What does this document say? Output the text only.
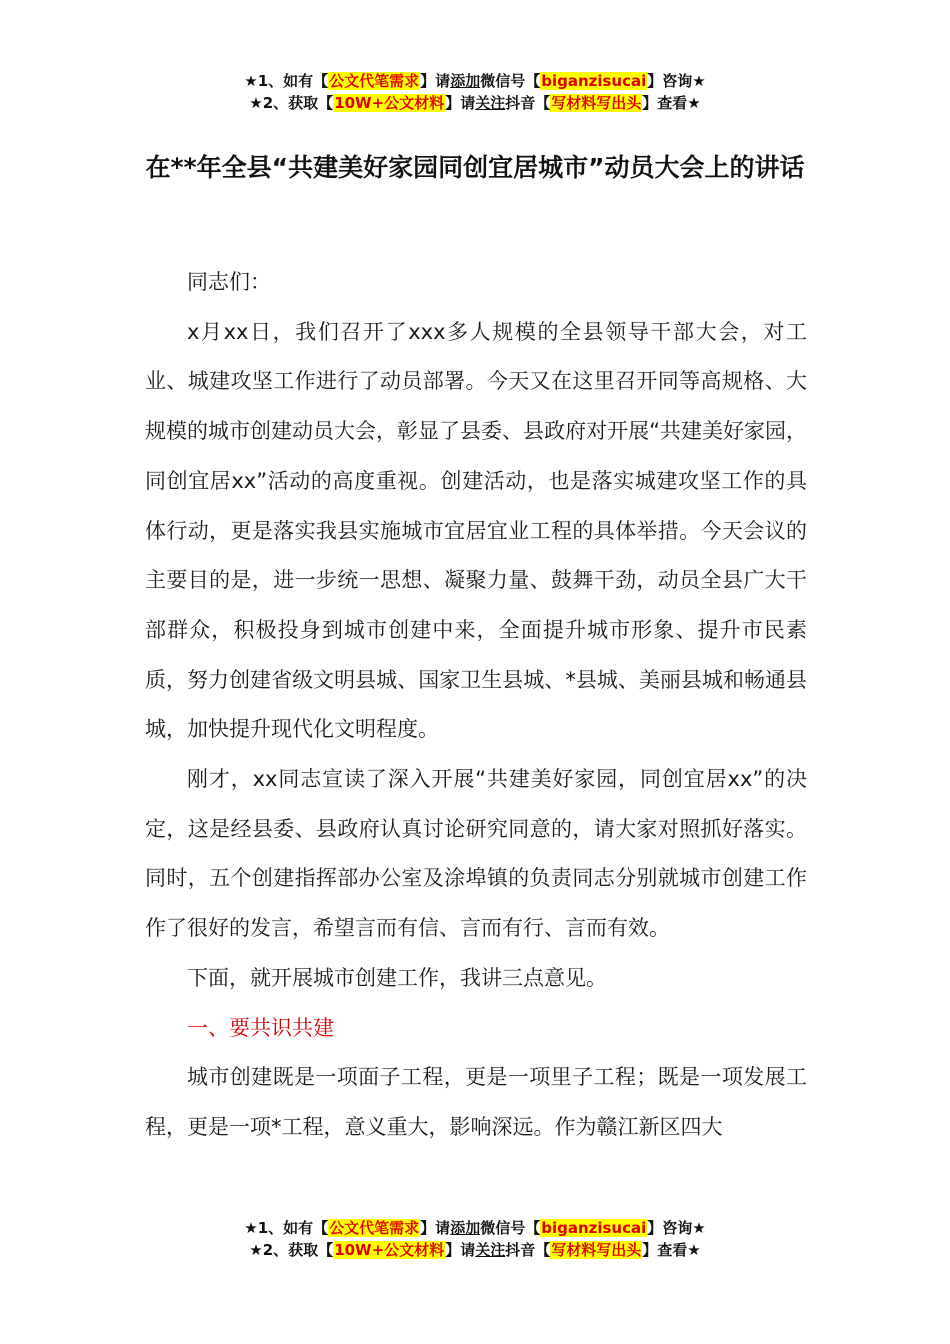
★1、如有【公文代笔需求】请添加微信号【biganzisucai】咨询★
★2、获取【10W+公文材料】请关注抖音【写材料写出头】查看★
在**年全县“共建美好家园同创宜居城市”动员大会上的讲话

同志们：

x月xx日，我们召开了xxx多人规模的全县领导干部大会，对工业、城建攻坚工作进行了动员部署。今天又在这里召开同等高规格、大规模的城市创建动员大会，彰显了县委、县政府对开展“共建美好家园，同创宜居xx”活动的高度重视。创建活动，也是落实城建攻坚工作的具体行动，更是落实我县实施城市宜居宜业工程的具体举措。今天会议的主要目的是，进一步统一思想、凝聚力量、鼓舞干劲，动员全县广大干部群众，积极投身到城市创建中来，全面提升城市形象、提升市民素质，努力创建省级文明县城、国家卫生县城、*县城、美丽县城和畅通县城，加快提升现代化文明程度。

刚才，xx同志宣读了深入开展“共建美好家园，同创宜居xx”的决定，这是经县委、县政府认真讨论研究同意的，请大家对照抓好落实。同时，五个创建指挥部办公室及涂埠镇的负责同志分别就城市创建工作作了很好的发言，希望言而有信、言而有行、言而有效。

下面，就开展城市创建工作，我讲三点意见。

一、要共识共建

城市创建既是一项面子工程，更是一项里子工程；既是一项发展工程，更是一项*工程，意义重大，影响深远。作为赣江新区四大

★1、如有【公文代笔需求】请添加微信号【biganzisucai】咨询★
★2、获取【10W+公文材料】请关注抖音【写材料写出头】查看★
